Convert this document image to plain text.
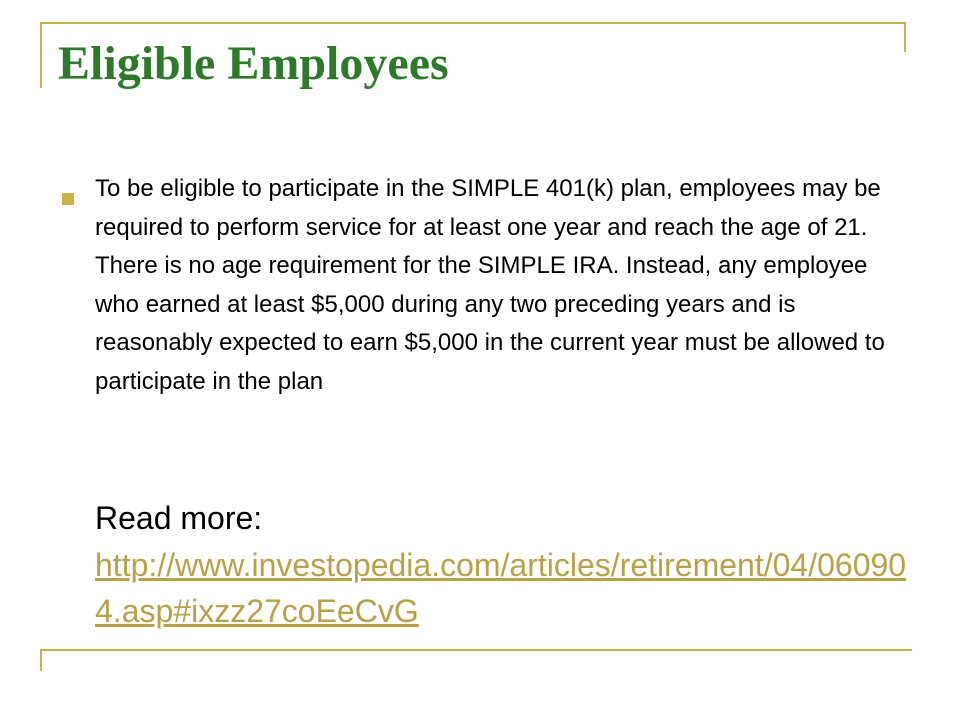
Eligible Employees

To be eligible to participate in the SIMPLE 401(k) plan, employees may be required to perform service for at least one year and reach the age of 21. There is no age requirement for the SIMPLE IRA. Instead, any employee who earned at least $5,000 during any two preceding years and is reasonably expected to earn $5,000 in the current year must be allowed to participate in the plan

Read more:

http://www.investopedia.com/articles/retirement/04/060904.asp#ixzz27coEeCvG
